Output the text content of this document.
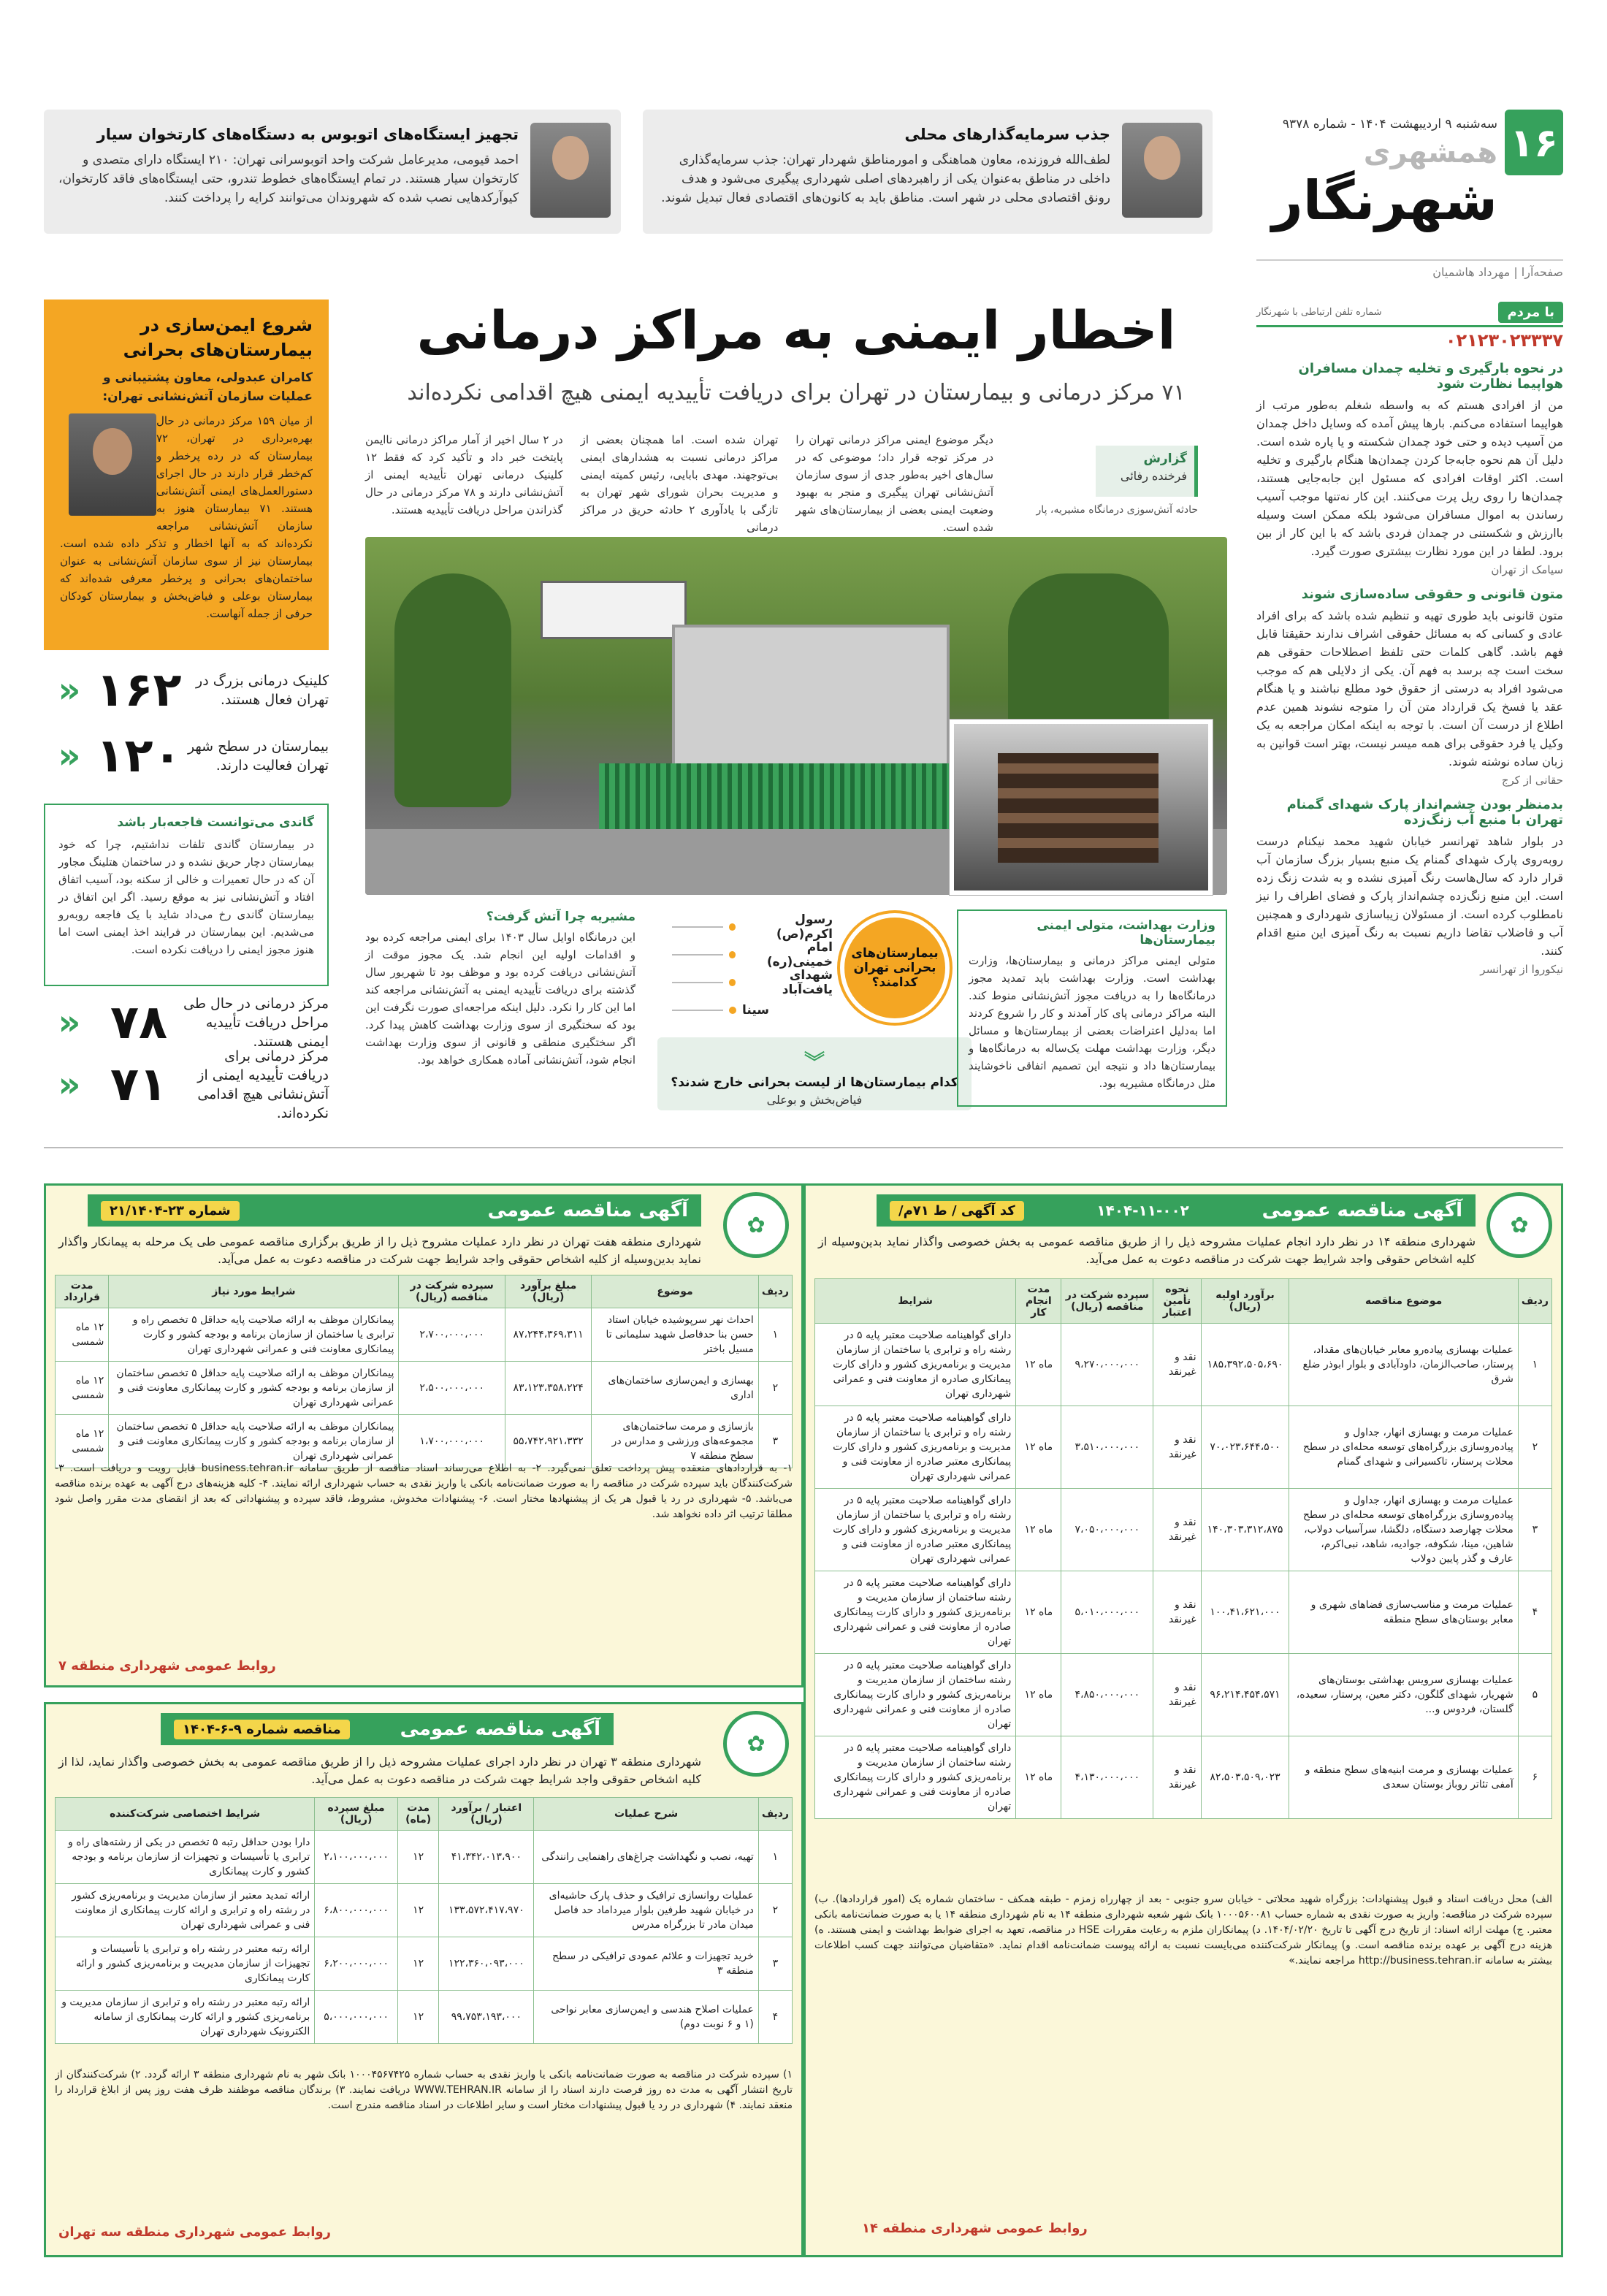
۱۶
سه‌شنبه ۹ اردیبهشت ۱۴۰۴ - شماره ۹۳۷۸
همشهری
شهرنگار
صفحه‌آرا | مهرداد هاشمیان
جذب سرمایه‌گذارهای محلی
لطف‌الله فروزنده، معاون هماهنگی و امورمناطق شهردار تهران: جذب سرمایه‌گذاری داخلی در مناطق به‌عنوان یکی از راهبردهای اصلی شهرداری پیگیری می‌شود و هدف رونق اقتصادی محلی در شهر است. مناطق باید به کانون‌های اقتصادی فعال تبدیل شوند.
تجهیز ایستگاه‌های اتوبوس به دستگاه‌های کارتخوان سیار
احمد قیومی، مدیرعامل شرکت واحد اتوبوسرانی تهران: ۲۱۰ ایستگاه دارای متصدی و کارتخوان سیار هستند. در تمام ایستگاه‌های خطوط تندرو، حتی ایستگاه‌های فاقد کارتخوان، کیوآرکدهایی نصب شده که شهروندان می‌توانند کرایه را پرداخت کنند.
با مردم
شماره تلفن ارتباطی با شهرنگار
۰۲۱۲۳۰۲۳۳۳۷
در نحوه بارگیری و تخلیه چمدان مسافران هواپیما نظارت شود
من از افرادی هستم که به واسطه شغلم به‌طور مرتب از هواپیما استفاده می‌کنم. بارها پیش آمده که وسایل داخل چمدان من آسیب دیده و حتی خود چمدان شکسته و یا پاره شده است. دلیل آن هم نحوه جابه‌جا کردن چمدان‌ها هنگام بارگیری و تخلیه است. اکثر اوقات افرادی که مسئول این جابه‌جایی هستند، چمدان‌ها را روی ریل پرت می‌کنند. این کار نه‌تنها موجب آسیب رساندن به اموال مسافران می‌شود بلکه ممکن است وسیله باارزش و شکستنی در چمدان فردی باشد که با این کار از بین برود. لطفا در این مورد نظارت بیشتری صورت گیرد.
سیامک از تهران
متون قانونی و حقوقی ساده‌سازی شوند
متون قانونی باید طوری تهیه و تنظیم شده باشد که برای افراد عادی و کسانی که به مسائل حقوقی اشراف ندارند حقیقتا قابل فهم باشد. گاهی کلمات حتی تلفظ اصطلاحات حقوقی هم سخت است چه برسد به فهم آن. یکی از دلایلی هم که موجب می‌شود افراد به درستی از حقوق خود مطلع نباشند و یا هنگام عقد یا فسخ یک قرارداد متن آن را متوجه نشوند همین عدم اطلاع از درست آن است. با توجه به اینکه امکان مراجعه به یک وکیل یا فرد حقوقی برای همه میسر نیست، بهتر است قوانین به زبان ساده نوشته شوند.
حقانی از کرج
بدمنظر بودن چشم‌انداز پارک شهدای گمنام تهران با منبع آب زنگ‌زده
در بلوار شاهد تهرانسر خیابان شهید محمد نیکنام درست روبه‌روی پارک شهدای گمنام یک منبع بسیار بزرگ سازمان آب قرار دارد که سال‌هاست رنگ آمیزی نشده و به شدت زنگ زده است. این منبع زنگ‌زده چشم‌انداز پارک و فضای اطراف را نیز نامطلوب کرده است. از مسئولان زیباسازی شهرداری و همچنین آب و فاضلاب تقاضا داریم نسبت به رنگ آمیزی این منبع اقدام کنند.
نیکوروا از تهرانسر
شروع ایمن‌سازی در بیمارستان‌های بحرانی
کامران عبدولی، معاون پشتیبانی و عملیات سازمان آتش‌نشانی تهران:
از میان ۱۵۹ مرکز درمانی در حال بهره‌برداری در تهران، ۷۲ بیمارستان که در رده پرخطر و کم‌خطر قرار دارند در حال اجرای دستورالعمل‌های ایمنی آتش‌نشانی هستند. ۷۱ بیمارستان هنوز به سازمان آتش‌نشانی مراجعه نکرده‌اند که به آنها اخطار و تذکر داده شده است. بیمارستان نیز از سوی سازمان آتش‌نشانی به عنوان ساختمان‌های بحرانی و پرخطر معرفی شده‌اند که بیمارستان بوعلی و فیاض‌بخش و بیمارستان کودکان حرفی از جمله آنهاست.
کلینیک درمانی بزرگ در تهران فعال هستند.
۱۶۲
«
بیمارستان در سطح شهر تهران فعالیت دارند.
۱۲۰
«
گاندی می‌توانست فاجعه‌بار باشد
در بیمارستان گاندی تلفات نداشتیم، چرا که خود بیمارستان دچار حریق نشده و در ساختمان هتلینگ مجاور آن که در حال تعمیرات و خالی از سکنه بود، آسیب اتفاق افتاد و آتش‌نشانی نیز به موقع رسید. اگر این اتفاق در بیمارستان گاندی رخ می‌داد شاید با یک فاجعه روبه‌رو می‌شدیم. این بیمارستان در فرایند اخذ ایمنی است اما هنوز مجوز ایمنی را دریافت نکرده است.
مرکز درمانی در حال طی مراحل دریافت تأییدیه ایمنی هستند.
۷۸
«
مرکز درمانی برای دریافت تأییدیه ایمنی از آتش‌نشانی هیچ اقدامی نکرده‌اند.
۷۱
«
اخطار ایمنی به مراکز درمانی
۷۱ مرکز درمانی و بیمارستان در تهران برای دریافت تأییدیه ایمنی هیچ اقدامی نکرده‌اند
گزارش
فرخنده رفائی

دیگر موضوع ایمنی مراکز درمانی تهران را در مرکز توجه قرار داد؛ موضوعی که در سال‌های اخیر به‌طور جدی از سوی سازمان آتش‌نشانی تهران پیگیری و منجر به بهبود وضعیت ایمنی بعضی از بیمارستان‌های شهر شده است.

تهران شده است. اما همچنان بعضی از مراکز درمانی نسبت به هشدارهای ایمنی بی‌توجهند. مهدی بابایی، رئیس کمیته ایمنی و مدیریت بحران شورای شهر تهران به تازگی با یادآوری ۲ حادثه حریق در مراکز درمانی

در ۲ سال اخیر از آمار مراکز درمانی ناایمن پایتخت خبر داد و تأکید کرد که فقط ۱۲ کلینیک درمانی تهران تأییدیه ایمنی از آتش‌نشانی دارند و ۷۸ مرکز درمانی در حال گذراندن مراحل دریافت تأییدیه هستند.	حادثه آتش‌سوزی درمانگاه مشیریه، پار
مشیریه چرا آتش گرفت؟
این درمانگاه اوایل سال ۱۴۰۳ برای ایمنی مراجعه کرده بود و اقدامات اولیه این انجام شد. یک مجوز موقت از آتش‌نشانی دریافت کرده بود و موظف بود تا شهریور سال گذشته برای دریافت تأییدیه ایمنی به آتش‌نشانی مراجعه کند اما این کار را نکرد. دلیل اینکه مراجعه‌ای صورت نگرفت این بود که سختگیری از سوی وزارت بهداشت کاهش پیدا کرد. اگر سختگیری منطقی و قانونی از سوی وزارت بهداشت انجام شود، آتش‌نشانی آماده همکاری خواهد بود.
بیمارستان‌های بحرانی تهران کدامند؟
رسول اکرم(ص)
امام خمینی(ره)
شهدای یافت‌آباد
سینا
︾
کدام بیمارستان‌ها از لیست بحرانی خارج شدند؟
فیاض‌بخش و بوعلی
وزارت بهداشت، متولی ایمنی بیمارستان‌ها
متولی ایمنی مراکز درمانی و بیمارستان‌ها، وزارت بهداشت است. وزارت بهداشت باید تمدید مجوز درمانگاه‌ها را به دریافت مجوز آتش‌نشانی منوط کند. البته مراکز درمانی پای کار آمدند و کار را شروع کردند اما به‌دلیل اعتراضات بعضی از بیمارستان‌ها و مسائل دیگر، وزارت بهداشت مهلت یک‌ساله به درمانگاه‌ها و بیمارستان‌ها داد و نتیجه این تصمیم اتفاقی ناخوشایند مثل درمانگاه مشیریه بود.
آگهی مناقصه عمومی
۱۴۰۴-۱۱-۰۰۲
کد آگهی / ط ۷۱م/
✿
شهرداری منطقه ۱۴ در نظر دارد انجام عملیات مشروحه ذیل را از طریق مناقصه عمومی به بخش خصوصی واگذار نماید بدین‌وسیله از کلیه اشخاص حقوقی واجد شرایط جهت شرکت در مناقصه دعوت به عمل می‌آید.
ردیف	موضوع مناقصه	برآورد اولیه (ریال)	نحوه تأمین اعتبار	سپرده شرکت در مناقصه (ریال)	مدت انجام کار	شرایط
۱	عملیات بهسازی پیاده‌رو معابر خیابان‌های مقداد، پرستار، صاحب‌الزمان، داودآبادی و بلوار ابوذر ضلع شرق	۱۸۵،۳۹۲،۵۰۵،۶۹۰	نقد و غیرنقد	۹،۲۷۰،۰۰۰،۰۰۰	۱۲ ماه	دارای گواهینامه صلاحیت معتبر پایه ۵ در رشته راه و ترابری یا ساختمان از سازمان مدیریت و برنامه‌ریزی کشور و دارای کارت پیمانکاری صادره از معاونت فنی و عمرانی شهرداری تهران
۲	عملیات مرمت و بهسازی انهار، جداول و پیاده‌روسازی بزرگراه‌های توسعه محله‌ای در سطح محلات پرستار، تاکسیرانی و شهدای گمنام	۷۰،۰۲۳،۶۴۴،۵۰۰	نقد و غیرنقد	۳،۵۱۰،۰۰۰،۰۰۰	۱۲ ماه	دارای گواهینامه صلاحیت معتبر پایه ۵ در رشته راه و ترابری یا ساختمان از سازمان مدیریت و برنامه‌ریزی کشور و دارای کارت پیمانکاری معتبر صادره از معاونت فنی و عمرانی شهرداری تهران
۳	عملیات مرمت و بهسازی انهار، جداول و پیاده‌روسازی بزرگراه‌های توسعه محله‌ای در سطح محلات چهارصد دستگاه، دلگشا، سرآسیاب دولاب، شاهین، مینا، شکوفه، جوادیه، شاهد، نبی‌اکرم، عارف و گذر پایین دولاب	۱۴۰،۳۰۳،۳۱۲،۸۷۵	نقد و غیرنقد	۷،۰۵۰،۰۰۰،۰۰۰	۱۲ ماه	دارای گواهینامه صلاحیت معتبر پایه ۵ در رشته راه و ترابری یا ساختمان از سازمان مدیریت و برنامه‌ریزی کشور و دارای کارت پیمانکاری معتبر صادره از معاونت فنی و عمرانی شهرداری تهران
۴	عملیات مرمت و مناسب‌سازی فضاهای شهری و معابر بوستان‌های سطح منطقه	۱۰۰،۴۱،۶۲۱،۰۰۰	نقد و غیرنقد	۵،۰۱۰،۰۰۰،۰۰۰	۱۲ ماه	دارای گواهینامه صلاحیت معتبر پایه ۵ در رشته ساختمان از سازمان مدیریت و برنامه‌ریزی کشور و دارای کارت پیمانکاری صادره از معاونت فنی و عمرانی شهرداری تهران
۵	عملیات بهسازی سرویس بهداشتی بوستان‌های شهریار، شهدای گلگون، دکتر معین، پرستار، سعیده، گلستان، فردوس و...	۹۶،۲۱۴،۴۵۴،۵۷۱	نقد و غیرنقد	۴،۸۵۰،۰۰۰،۰۰۰	۱۲ ماه	دارای گواهینامه صلاحیت معتبر پایه ۵ در رشته ساختمان از سازمان مدیریت و برنامه‌ریزی کشور و دارای کارت پیمانکاری صادره از معاونت فنی و عمرانی شهرداری تهران
۶	عملیات بهسازی و مرمت ابنیه‌های سطح منطقه و آمفی تئاتر روباز بوستان سعدی	۸۲،۵۰۳،۵۰۹،۰۲۳	نقد و غیرنقد	۴،۱۳۰،۰۰۰،۰۰۰	۱۲ ماه	دارای گواهینامه صلاحیت معتبر پایه ۵ در رشته ساختمان از سازمان مدیریت و برنامه‌ریزی کشور و دارای کارت پیمانکاری صادره از معاونت فنی و عمرانی شهرداری تهران
الف) محل دریافت اسناد و قبول پیشنهادات: بزرگراه شهید محلاتی - خیابان سرو جنوبی - بعد از چهارراه زمزم - طبقه همکف - ساختمان شماره یک (امور قراردادها). ب) سپرده شرکت در مناقصه: واریز به صورت نقدی به شماره حساب ۱۰۰۰۵۶۰۰۸۱ بانک شهر شعبه شهرداری منطقه ۱۴ به نام شهرداری منطقه ۱۴ یا به صورت ضمانت‌نامه بانکی معتبر. ج) مهلت ارائه اسناد: از تاریخ درج آگهی تا تاریخ ۱۴۰۴/۰۲/۲۰. د) پیمانکاران ملزم به رعایت مقررات HSE در مناقصه، تعهد به اجرای ضوابط بهداشت و ایمنی هستند. ه) هزینه درج آگهی بر عهده برنده مناقصه است. و) پیمانکار شرکت‌کننده می‌بایست نسبت به ارائه پیوست ضمانت‌نامه اقدام نماید. «متقاضیان می‌توانند جهت کسب اطلاعات بیشتر به سامانه http://business.tehran.ir مراجعه نمایند.»
روابط عمومی شهرداری منطقه ۱۴
آگهی مناقصه عمومی
شماره ۲۳-۲۱/۱۴۰۴
✿
شهرداری منطقه هفت تهران در نظر دارد عملیات مشروح ذیل را از طریق برگزاری مناقصه عمومی طی یک مرحله به پیمانکار واگذار نماید بدین‌وسیله از کلیه اشخاص حقوقی واجد شرایط جهت شرکت در مناقصه دعوت به عمل می‌آید.
ردیف	موضوع	مبلغ برآورد (ریال)	سپرده شرکت در مناقصه (ریال)	شرایط مورد نیاز	مدت قرارداد
۱	احداث نهر سرپوشیده خیابان استاد حسن بنا حدفاصل شهید سلیمانی تا مسیل باختر	۸۷،۲۴۴،۳۶۹،۳۱۱	۲،۷۰۰،۰۰۰،۰۰۰	پیمانکاران موظف به ارائه صلاحیت پایه حداقل ۵ تخصص راه و ترابری یا ساختمان از سازمان برنامه و بودجه کشور و کارت پیمانکاری معاونت فنی و عمرانی شهرداری تهران	۱۲ ماه شمسی
۲	بهسازی و ایمن‌سازی ساختمان‌های اداری	۸۳،۱۲۳،۳۵۸،۲۲۴	۲،۵۰۰،۰۰۰،۰۰۰	پیمانکاران موظف به ارائه صلاحیت پایه حداقل ۵ تخصص ساختمان از سازمان برنامه و بودجه کشور و کارت پیمانکاری معاونت فنی و عمرانی شهرداری تهران	۱۲ ماه شمسی
۳	بازسازی و مرمت ساختمان‌های مجموعه‌های ورزشی و مدارس در سطح منطقه ۷	۵۵،۷۴۲،۹۲۱،۳۳۲	۱،۷۰۰،۰۰۰،۰۰۰	پیمانکاران موظف به ارائه صلاحیت پایه حداقل ۵ تخصص ساختمان از سازمان برنامه و بودجه کشور و کارت پیمانکاری معاونت فنی و عمرانی شهرداری تهران	۱۲ ماه شمسی
۱- به قراردادهای منعقده پیش پرداخت تعلق نمی‌گیرد. ۲- به اطلاع می‌رساند اسناد مناقصه از طریق سامانه business.tehran.ir قابل رویت و دریافت است. ۳- شرکت‌کنندگان باید سپرده شرکت در مناقصه را به صورت ضمانت‌نامه بانکی یا واریز نقدی به حساب شهرداری ارائه نمایند. ۴- کلیه هزینه‌های درج آگهی به عهده برنده مناقصه می‌باشد. ۵- شهرداری در رد یا قبول هر یک از پیشنهادها مختار است. ۶- پیشنهادات مخدوش، مشروط، فاقد سپرده و پیشنهاداتی که بعد از انقضای مدت مقرر واصل شود مطلقا ترتیب اثر داده نخواهد شد.
روابط عمومی شهرداری منطقه ۷
آگهی مناقصه عمومی
مناقصه شماره ۹-۶-۱۴۰۴
✿
شهرداری منطقه ۳ تهران در نظر دارد اجرای عملیات مشروحه ذیل را از طریق مناقصه عمومی به بخش خصوصی واگذار نماید، لذا از کلیه اشخاص حقوقی واجد شرایط جهت شرکت در مناقصه دعوت به عمل می‌آید.
ردیف	شرح عملیات	اعتبار / برآورد (ریال)	مدت (ماه)	مبلغ سپرده (ریال)	شرایط اختصاصی شرکت‌کننده
۱	تهیه، نصب و نگهداشت چراغ‌های راهنمایی رانندگی	۴۱،۳۴۲،۰۱۳،۹۰۰	۱۲	۲،۱۰۰،۰۰۰،۰۰۰	دارا بودن حداقل رتبه ۵ تخصص در یکی از رشته‌های راه و ترابری یا تأسیسات و تجهیزات از سازمان برنامه و بودجه کشور و کارت پیمانکاری
۲	عملیات روانسازی ترافیک و حذف پارک حاشیه‌ای در خیابان شهید طرفین بلوار میرداماد حد فاصل میدان مادر تا بزرگراه مدرس	۱۳۳،۵۷۲،۴۱۷،۹۷۰	۱۲	۶،۸۰۰،۰۰۰،۰۰۰	ارائه تمدید معتبر از سازمان مدیریت و برنامه‌ریزی کشور در رشته راه و ترابری و ارائه کارت پیمانکاری از معاونت فنی و عمرانی شهرداری تهران
۳	خرید تجهیزات و علائم عمودی ترافیکی در سطح منطقه ۳	۱۲۲،۳۶۰،۰۹۳،۰۰۰	۱۲	۶،۲۰۰،۰۰۰،۰۰۰	ارائه رتبه معتبر در رشته راه و ترابری یا تأسیسات و تجهیزات از سازمان مدیریت و برنامه‌ریزی کشور و ارائه کارت پیمانکاری
۴	عملیات اصلاح هندسی و ایمن‌سازی معابر نواحی (۱ و ۶ نوبت دوم)	۹۹،۷۵۳،۱۹۳،۰۰۰	۱۲	۵،۰۰۰،۰۰۰،۰۰۰	ارائه رتبه معتبر در رشته راه و ترابری از سازمان مدیریت و برنامه‌ریزی کشور و ارائه کارت پیمانکاری از سامانه الکترونیک شهرداری تهران
۱) سپرده شرکت در مناقصه به صورت ضمانت‌نامه بانکی یا واریز نقدی به حساب شماره ۱۰۰۰۴۵۶۷۴۲۵ بانک شهر به نام شهرداری منطقه ۳ ارائه گردد. ۲) شرکت‌کنندگان از تاریخ انتشار آگهی به مدت ده روز فرصت دارند اسناد را از سامانه WWW.TEHRAN.IR دریافت نمایند. ۳) برندگان مناقصه موظفند ظرف هفت روز پس از ابلاغ قرارداد را منعقد نمایند. ۴) شهرداری در رد یا قبول پیشنهادات مختار است و سایر اطلاعات در اسناد مناقصه مندرج است.
روابط عمومی شهرداری منطقه سه تهران
